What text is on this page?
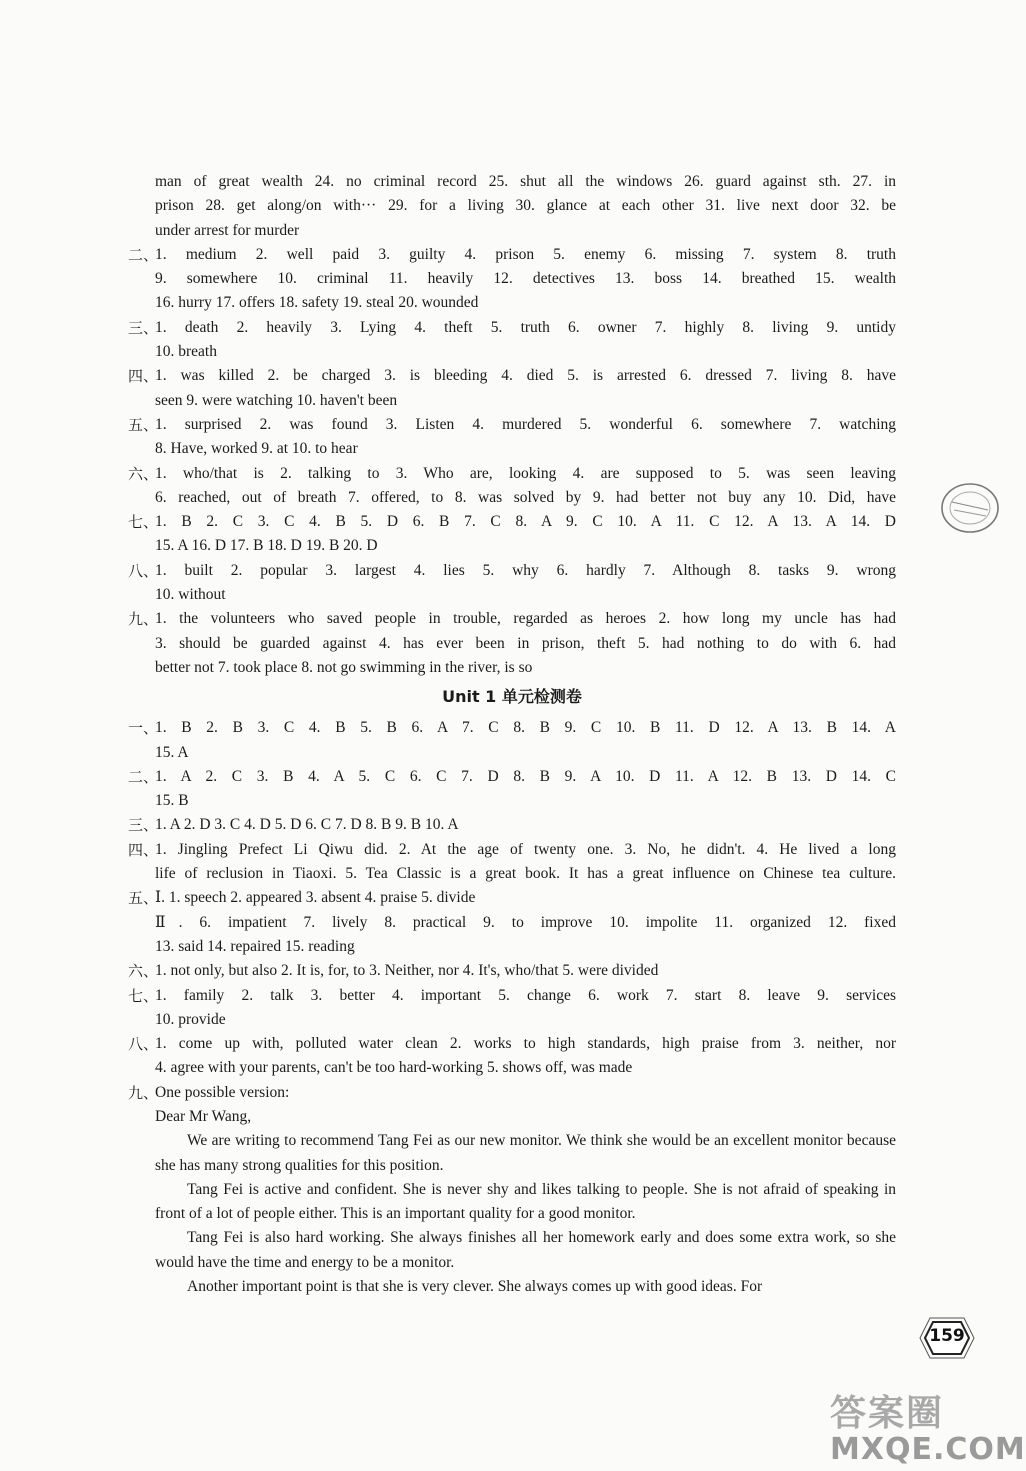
man of great wealth 24. no criminal record 25. shut all the windows 26. guard against sth. 27. in
prison 28. get along/on with··· 29. for a living 30. glance at each other 31. live next door 32. be
under arrest for murder
二、
1. medium 2. well paid 3. guilty 4. prison 5. enemy 6. missing 7. system 8. truth
9. somewhere 10. criminal 11. heavily 12. detectives 13. boss 14. breathed 15. wealth
16. hurry 17. offers 18. safety 19. steal 20. wounded
三、
1. death 2. heavily 3. Lying 4. theft 5. truth 6. owner 7. highly 8. living 9. untidy
10. breath
四、
1. was killed 2. be charged 3. is bleeding 4. died 5. is arrested 6. dressed 7. living 8. have
seen 9. were watching 10. haven't been
五、
1. surprised 2. was found 3. Listen 4. murdered 5. wonderful 6. somewhere 7. watching
8. Have, worked 9. at 10. to hear
六、
1. who/that is 2. talking to 3. Who are, looking 4. are supposed to 5. was seen leaving
6. reached, out of breath 7. offered, to 8. was solved by 9. had better not buy any 10. Did, have
七、
1. B 2. C 3. C 4. B 5. D 6. B 7. C 8. A 9. C 10. A 11. C 12. A 13. A 14. D
15. A 16. D 17. B 18. D 19. B 20. D
八、
1. built 2. popular 3. largest 4. lies 5. why 6. hardly 7. Although 8. tasks 9. wrong
10. without
九、
1. the volunteers who saved people in trouble, regarded as heroes 2. how long my uncle has had
3. should be guarded against 4. has ever been in prison, theft 5. had nothing to do with 6. had
better not 7. took place 8. not go swimming in the river, is so
Unit 1 单元检测卷
一、
1. B 2. B 3. C 4. B 5. B 6. A 7. C 8. B 9. C 10. B 11. D 12. A 13. B 14. A
15. A
二、
1. A 2. C 3. B 4. A 5. C 6. C 7. D 8. B 9. A 10. D 11. A 12. B 13. D 14. C
15. B
三、
1. A 2. D 3. C 4. D 5. D 6. C 7. D 8. B 9. B 10. A
四、
1. Jingling Prefect Li Qiwu did. 2. At the age of twenty one. 3. No, he didn't. 4. He lived a long
life of reclusion in Tiaoxi. 5. Tea Classic is a great book. It has a great influence on Chinese tea culture.
五、
Ⅰ. 1. speech 2. appeared 3. absent 4. praise 5. divide
Ⅱ. 6. impatient 7. lively 8. practical 9. to improve 10. impolite 11. organized 12. fixed
13. said 14. repaired 15. reading
六、
1. not only, but also 2. It is, for, to 3. Neither, nor 4. It's, who/that 5. were divided
七、
1. family 2. talk 3. better 4. important 5. change 6. work 7. start 8. leave 9. services
10. provide
八、
1. come up with, polluted water clean 2. works to high standards, high praise from 3. neither, nor
4. agree with your parents, can't be too hard-working 5. shows off, was made
九、
One possible version:
Dear Mr Wang,
We are writing to recommend Tang Fei as our new monitor. We think she would be an excellent monitor because she has many strong qualities for this position.
Tang Fei is active and confident. She is never shy and likes talking to people. She is not afraid of speaking in front of a lot of people either. This is an important quality for a good monitor.
Tang Fei is also hard working. She always finishes all her homework early and does some extra work, so she would have the time and energy to be a monitor.
Another important point is that she is very clever. She always comes up with good ideas. For
159
答案圈
MXQE.COM
